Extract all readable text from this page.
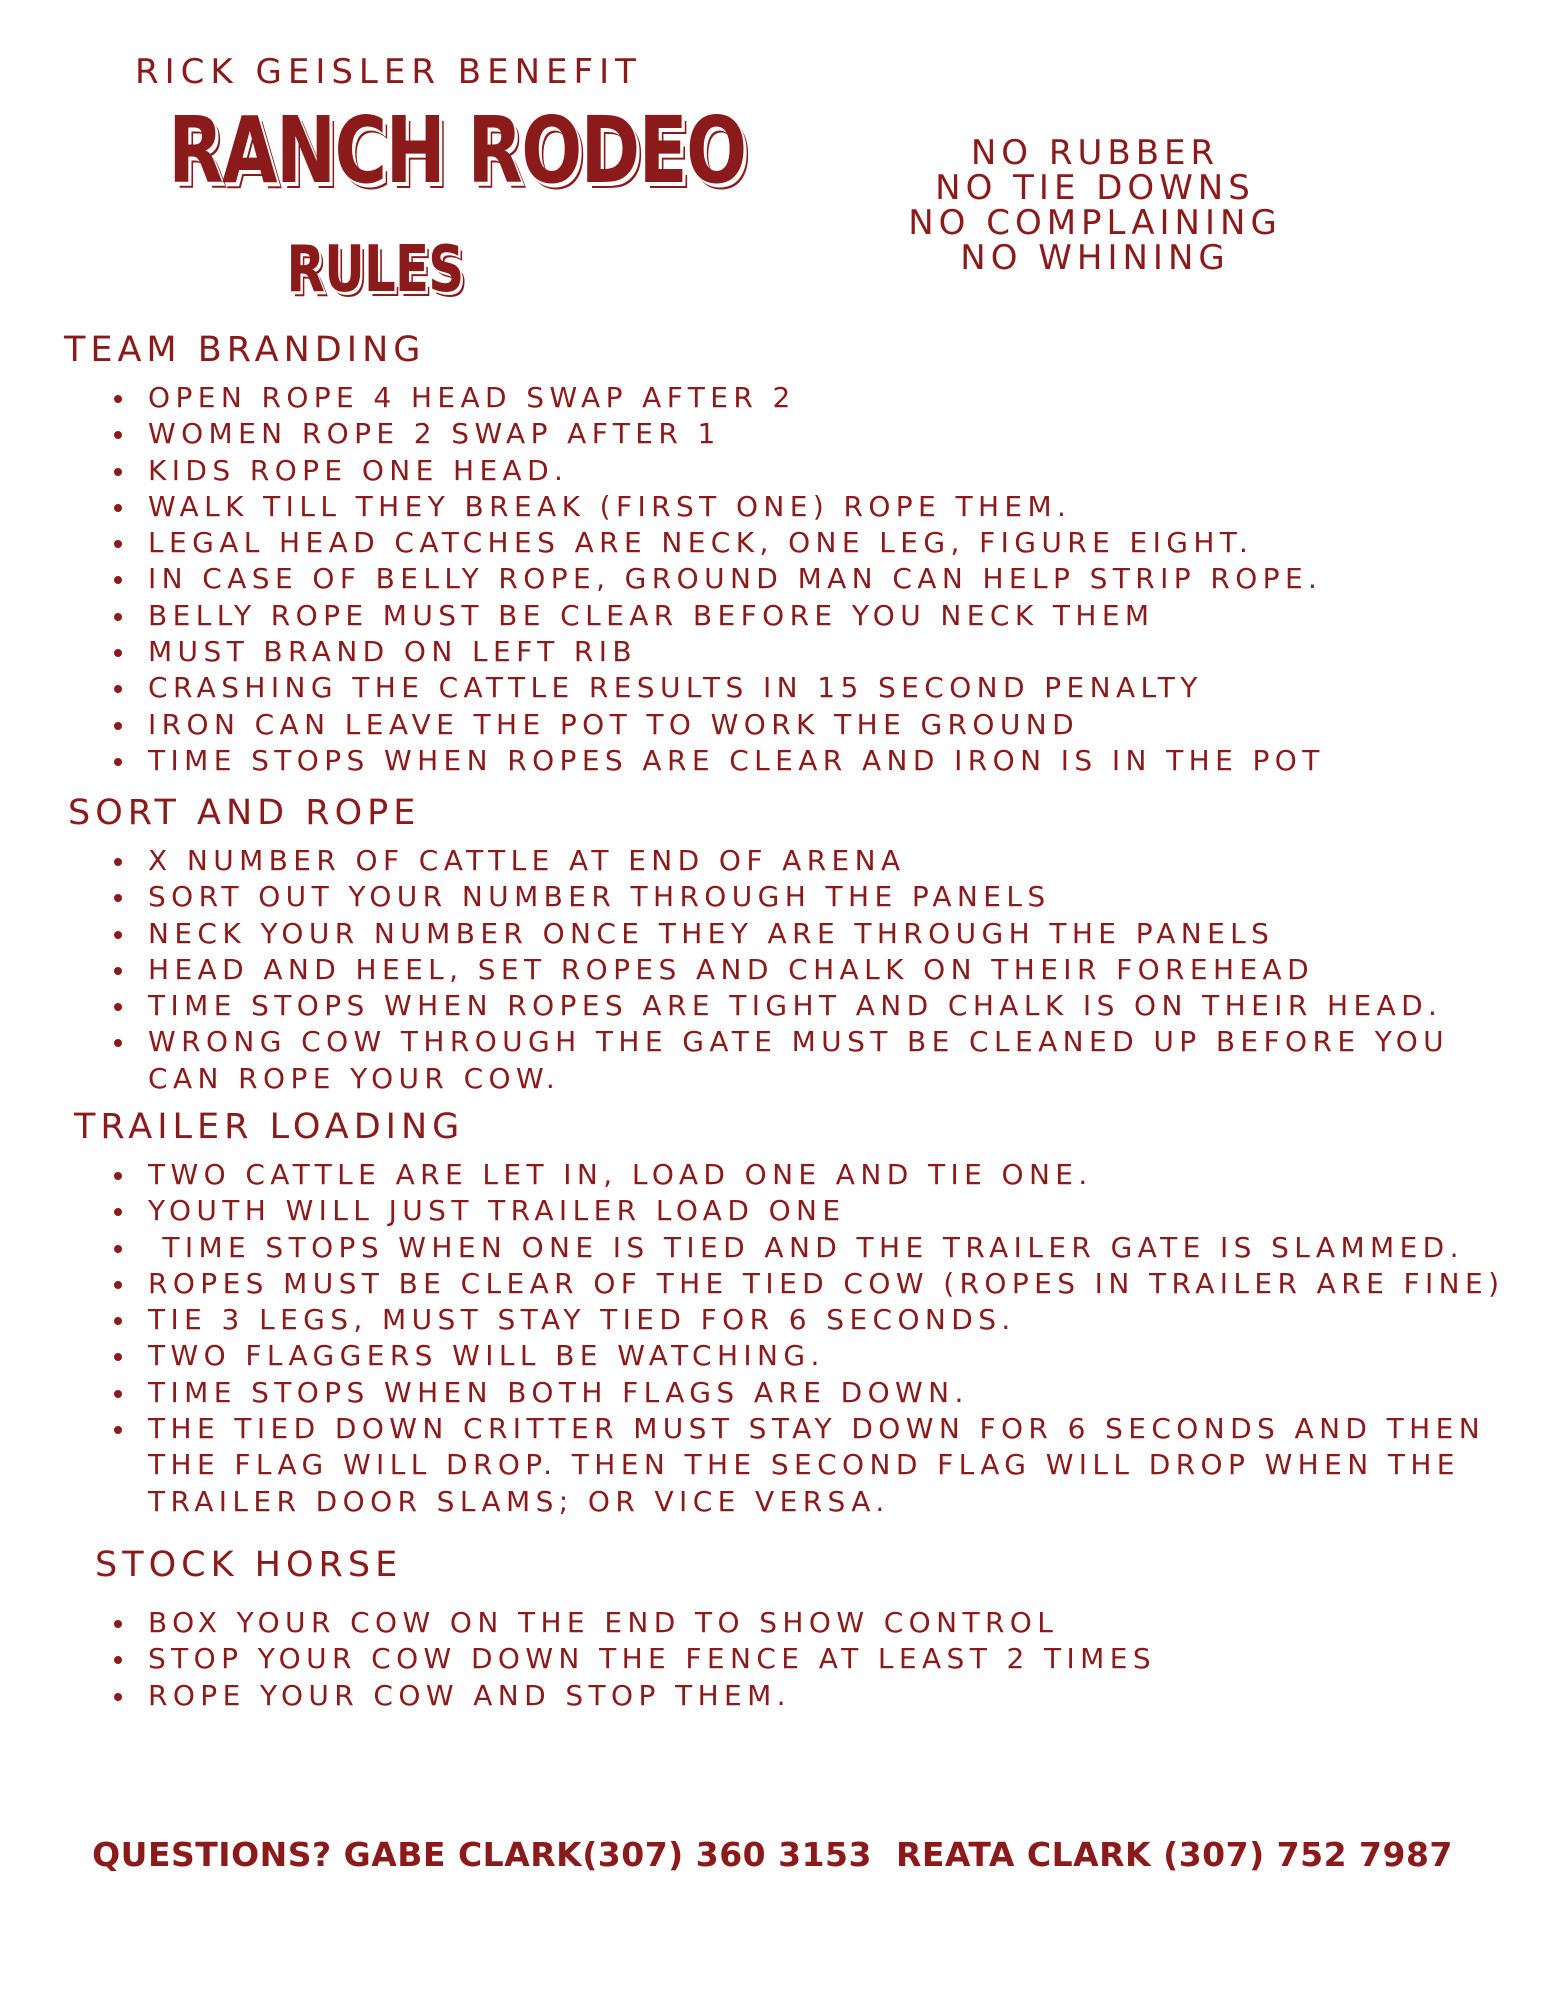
RICK GEISLER BENEFIT
RANCH RODEO
RULES
NO RUBBER
NO TIE DOWNS
NO COMPLAINING
NO WHINING
TEAM BRANDING
OPEN ROPE 4 HEAD SWAP AFTER 2
WOMEN ROPE 2 SWAP AFTER 1
KIDS ROPE ONE HEAD.
WALK TILL THEY BREAK (FIRST ONE) ROPE THEM.
LEGAL HEAD CATCHES ARE NECK, ONE LEG, FIGURE EIGHT.
IN CASE OF BELLY ROPE, GROUND MAN CAN HELP STRIP ROPE.
BELLY ROPE MUST BE CLEAR BEFORE YOU NECK THEM
MUST BRAND ON LEFT RIB
CRASHING THE CATTLE RESULTS IN 15 SECOND PENALTY
IRON CAN LEAVE THE POT TO WORK THE GROUND
TIME STOPS WHEN ROPES ARE CLEAR AND IRON IS IN THE POT
SORT AND ROPE
X NUMBER OF CATTLE AT END OF ARENA
SORT OUT YOUR NUMBER THROUGH THE PANELS
NECK YOUR NUMBER ONCE THEY ARE THROUGH THE PANELS
HEAD AND HEEL, SET ROPES AND CHALK ON THEIR FOREHEAD
TIME STOPS WHEN ROPES ARE TIGHT AND CHALK IS ON THEIR HEAD.
WRONG COW THROUGH THE GATE MUST BE CLEANED UP BEFORE YOU CAN ROPE YOUR COW.
TRAILER LOADING
TWO CATTLE ARE LET IN, LOAD ONE AND TIE ONE.
YOUTH WILL JUST TRAILER LOAD ONE
TIME STOPS WHEN ONE IS TIED AND THE TRAILER GATE IS SLAMMED.
ROPES MUST BE CLEAR OF THE TIED COW (ROPES IN TRAILER ARE FINE)
TIE 3 LEGS, MUST STAY TIED FOR 6 SECONDS.
TWO FLAGGERS WILL BE WATCHING.
TIME STOPS WHEN BOTH FLAGS ARE DOWN.
THE TIED DOWN CRITTER MUST STAY DOWN FOR 6 SECONDS AND THEN THE FLAG WILL DROP. THEN THE SECOND FLAG WILL DROP WHEN THE TRAILER DOOR SLAMS; OR VICE VERSA.
STOCK HORSE
BOX YOUR COW ON THE END TO SHOW CONTROL
STOP YOUR COW DOWN THE FENCE AT LEAST 2 TIMES
ROPE YOUR COW AND STOP THEM.
QUESTIONS? GABE CLARK(307) 360 3153  REATA CLARK (307) 752 7987
